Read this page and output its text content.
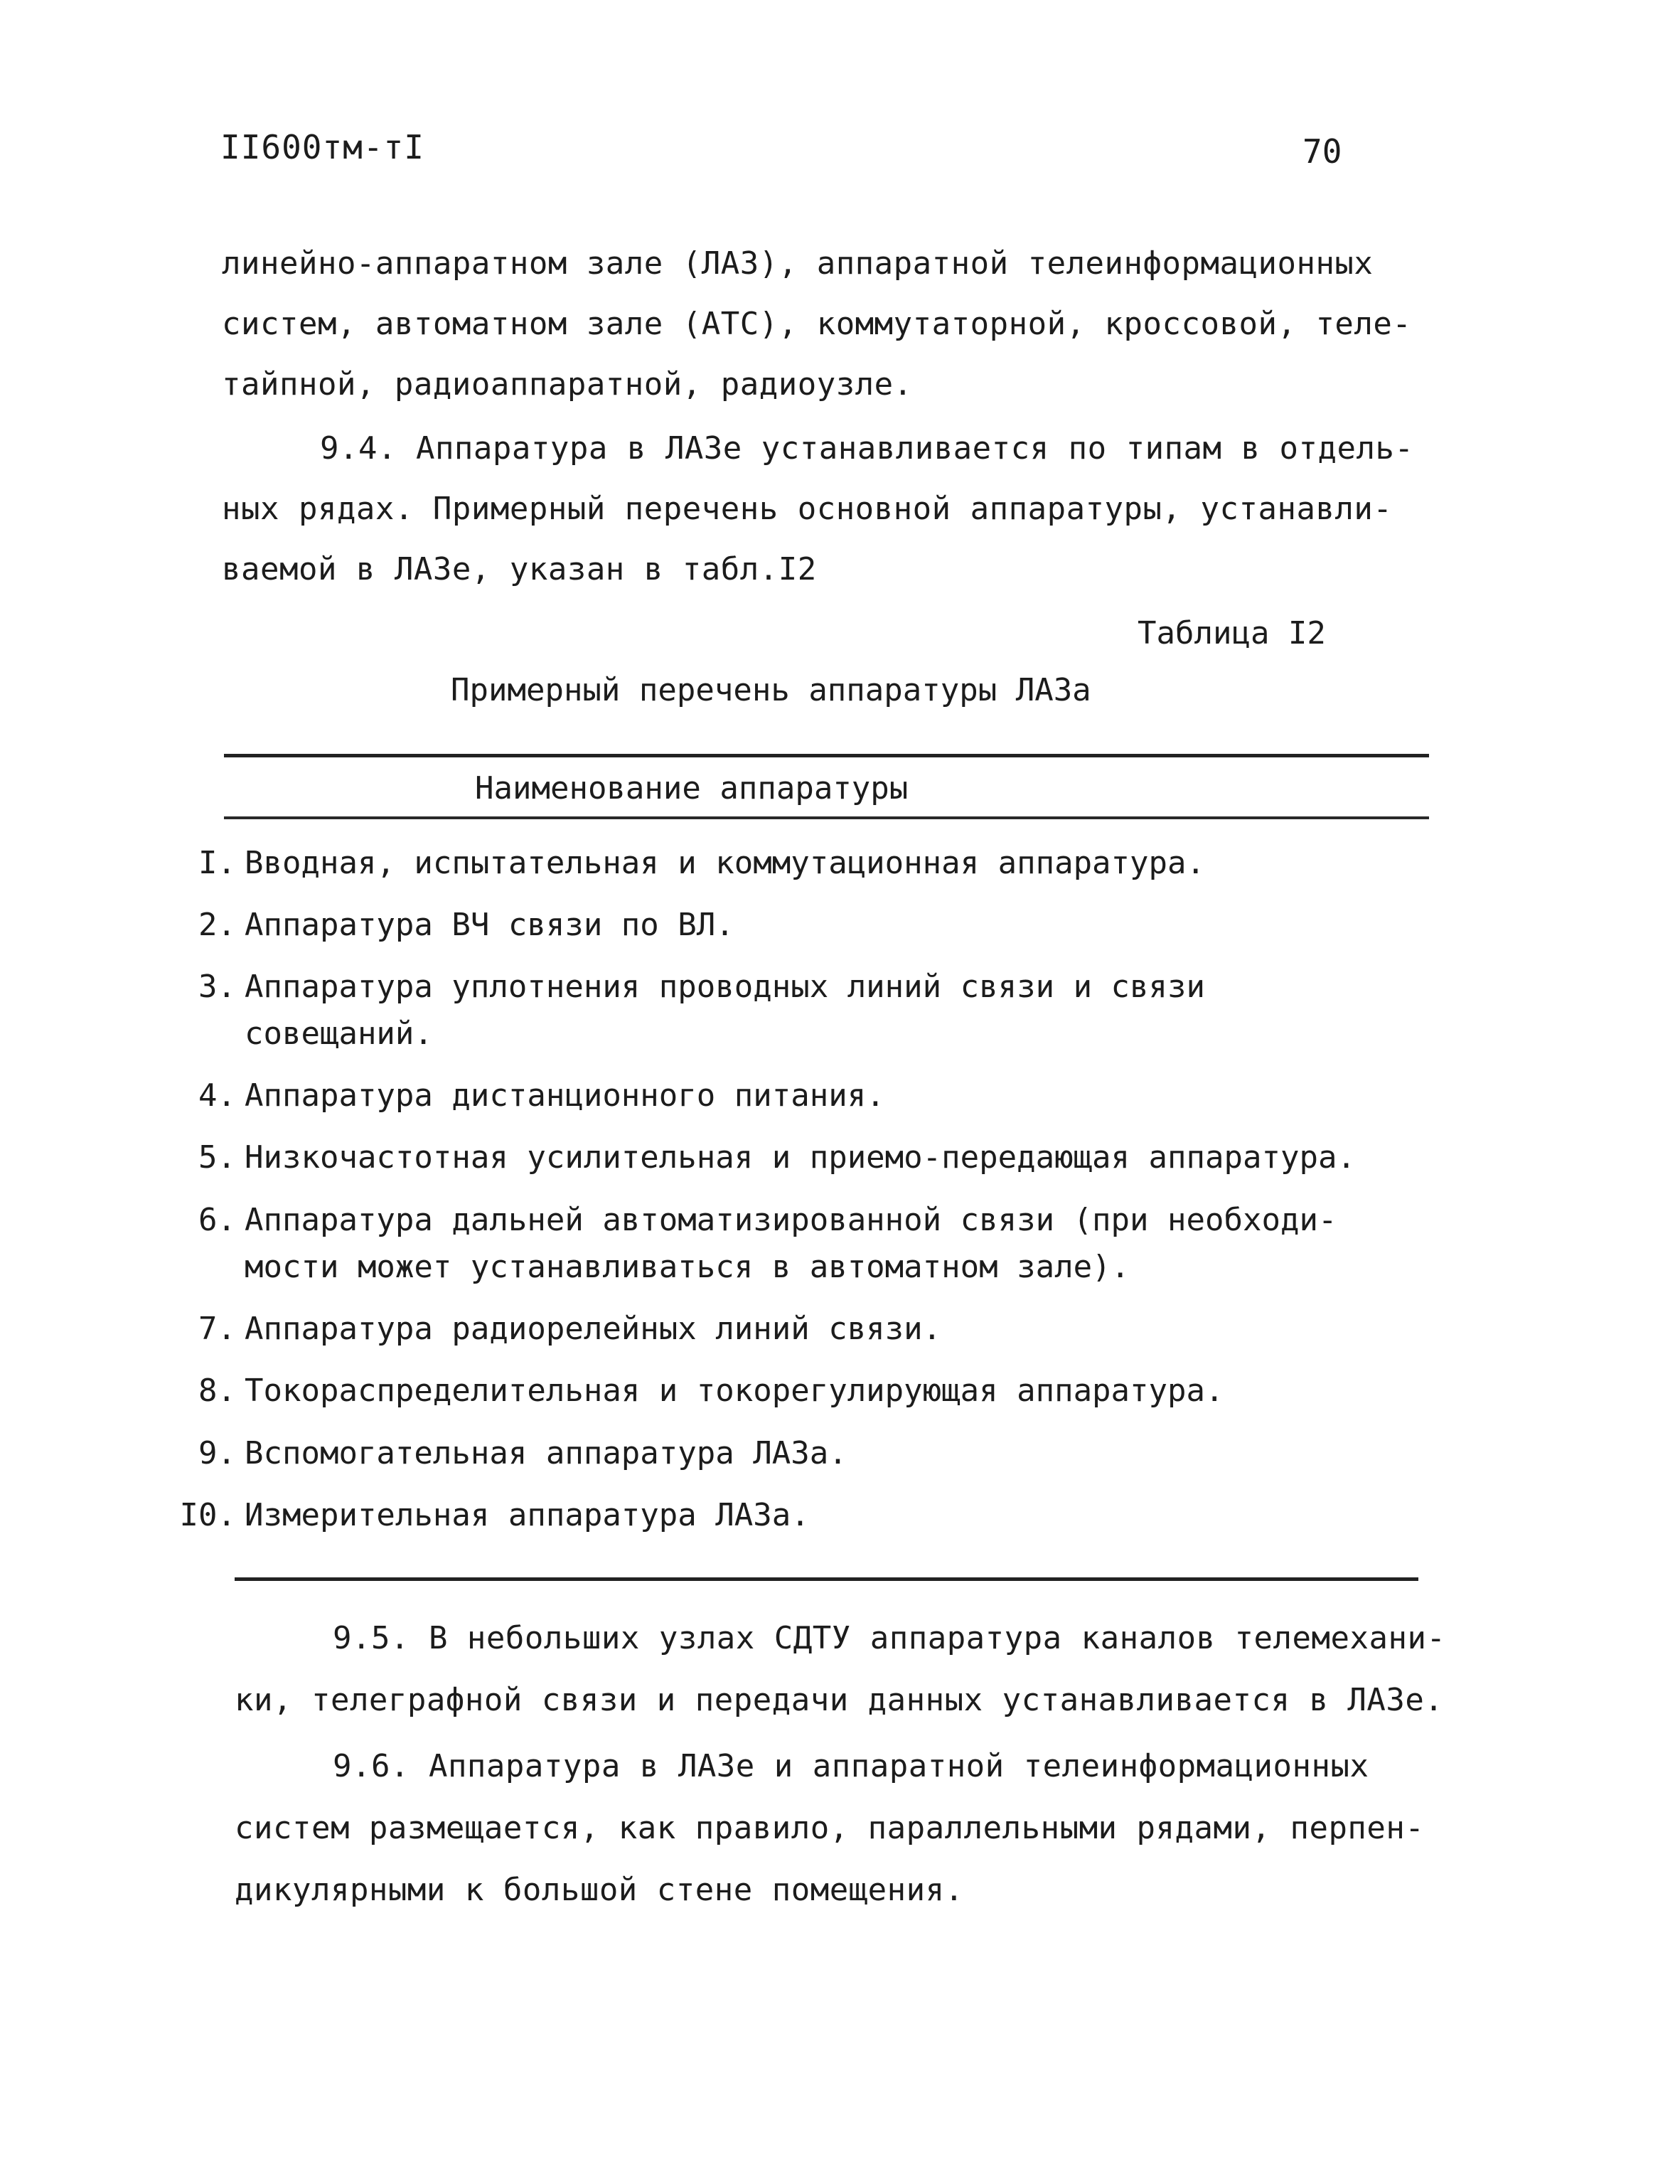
II600тм-тI	70
линейно-аппаратном зале (ЛАЗ), аппаратной телеинформационных
систем, автоматном зале (АТС), коммутаторной, кроссовой, теле-
тайпной, радиоаппаратной, радиоузле.
9.4. Аппаратура в ЛАЗе устанавливается по типам в отдель-
ных рядах. Примерный перечень основной аппаратуры, устанавли-
ваемой в ЛАЗе, указан в табл.I2
Таблица I2
Примерный перечень аппаратуры ЛАЗа
Наименование аппаратуры
I. Вводная, испытательная и коммутационная аппаратура.
2. Аппаратура ВЧ связи по ВЛ.
3. Аппаратура уплотнения проводных линий связи и связи
совещаний.
4. Аппаратура дистанционного питания.
5. Низкочастотная усилительная и приемо-передающая аппаратура.
6. Аппаратура дальней автоматизированной связи (при необходи-
мости может устанавливаться в автоматном зале).
7. Аппаратура радиорелейных линий связи.
8. Токораспределительная и токорегулирующая аппаратура.
9. Вспомогательная аппаратура ЛАЗа.
I0. Измерительная аппаратура ЛАЗа.
9.5. В небольших узлах СДТУ аппаратура каналов телемехани-
ки, телеграфной связи и передачи данных устанавливается в ЛАЗе.
9.6. Аппаратура в ЛАЗе и аппаратной телеинформационных
систем размещается, как правило, параллельными рядами, перпен-
дикулярными к большой стене помещения.
